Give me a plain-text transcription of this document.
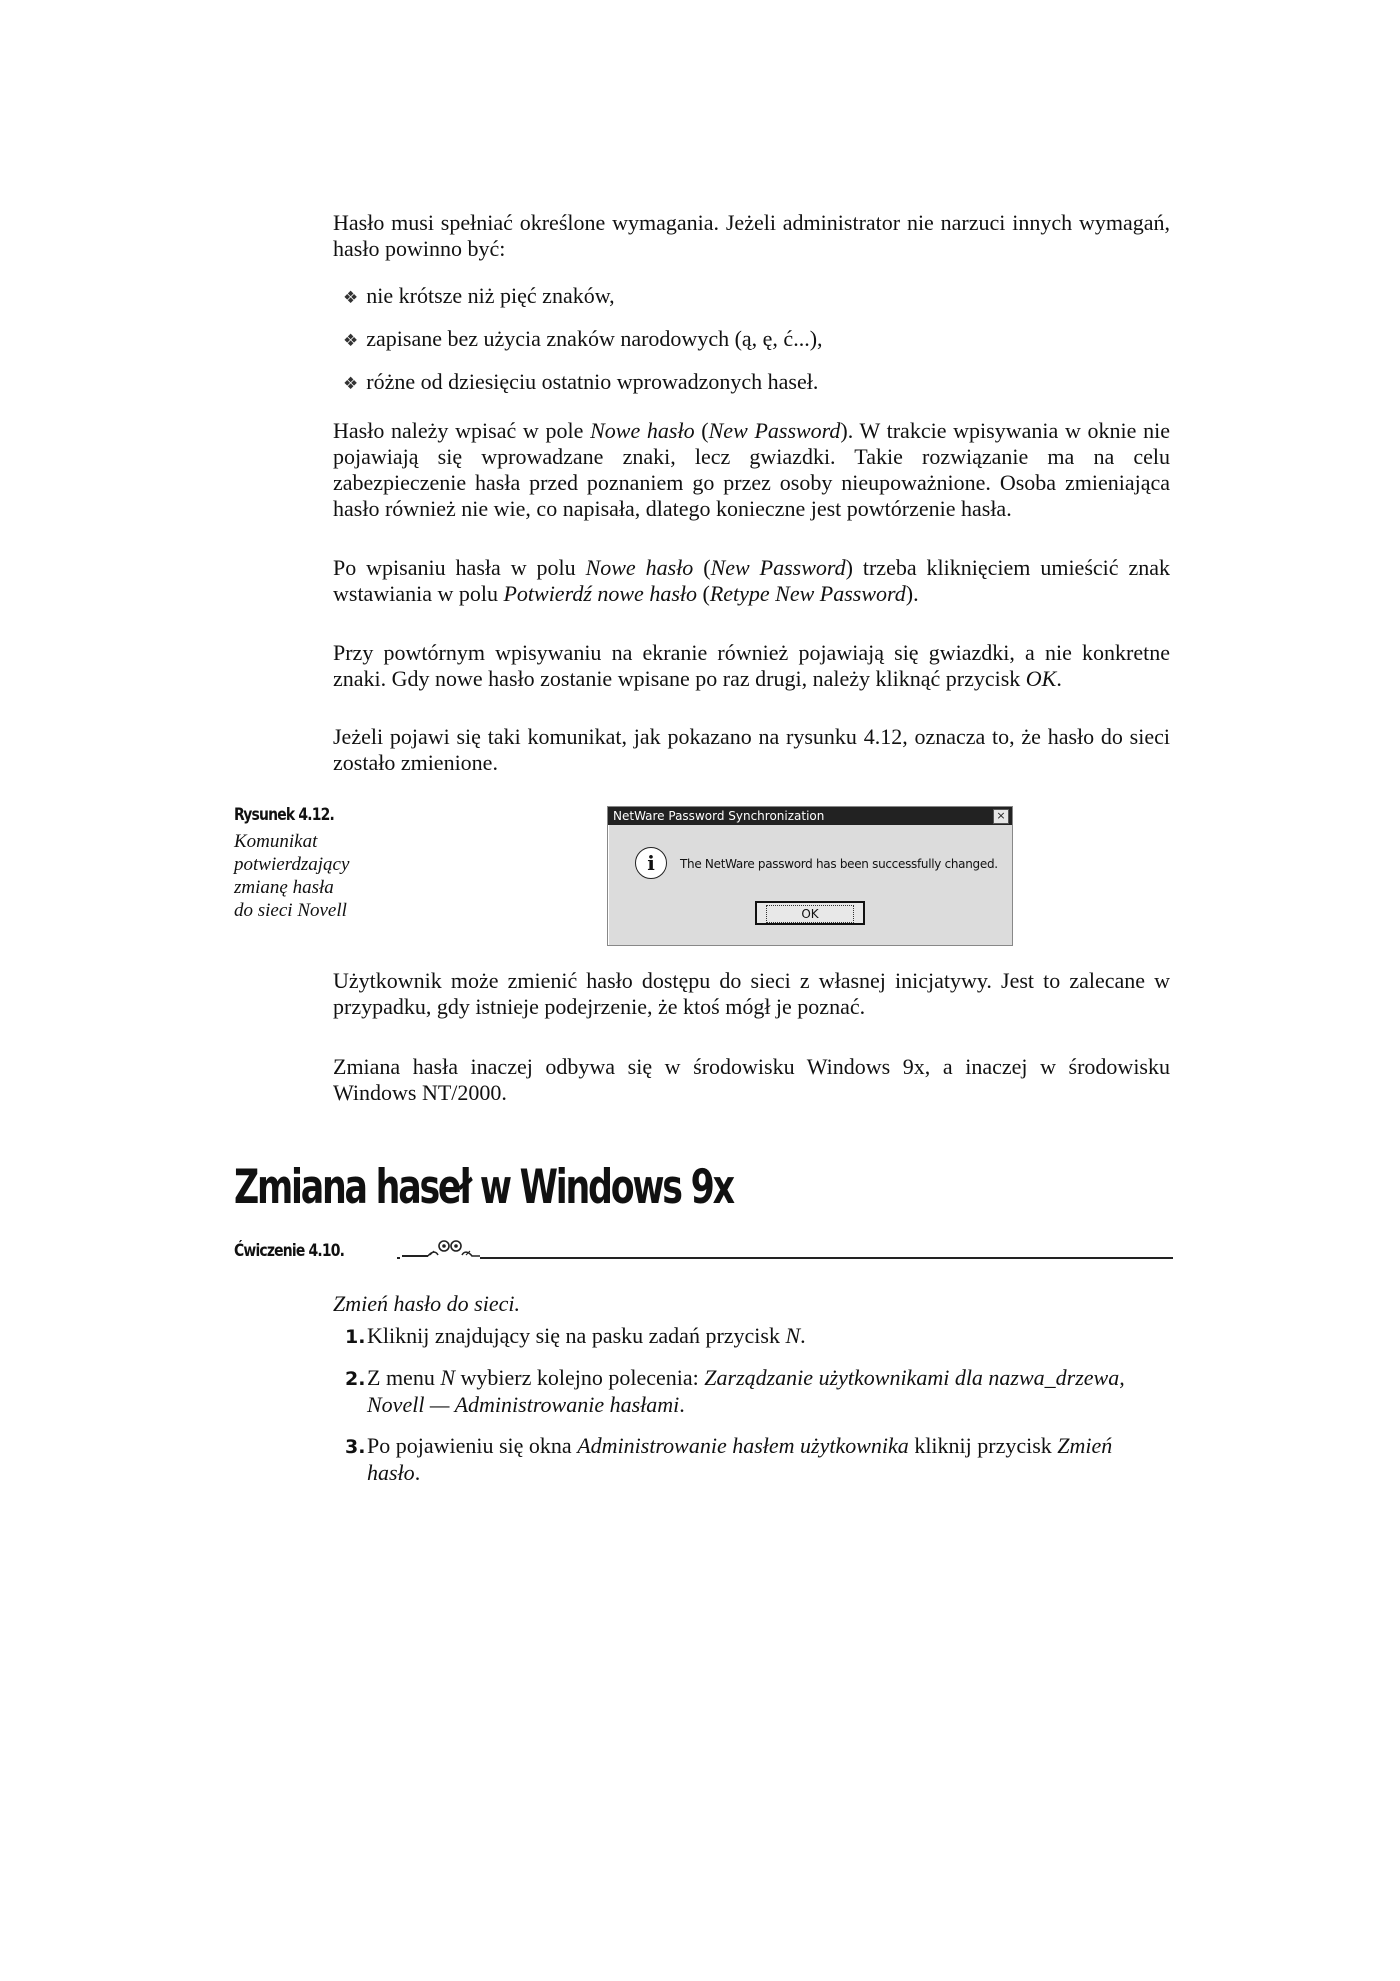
Hasło musi spełniać określone wymagania. Jeżeli administrator nie narzuci innych wymagań, hasło powinno być:

❖ nie krótsze niż pięć znaków,
❖ zapisane bez użycia znaków narodowych (ą, ę, ć...),
❖ różne od dziesięciu ostatnio wprowadzonych haseł.

Hasło należy wpisać w pole Nowe hasło (New Password). W trakcie wpisywania w oknie nie pojawiają się wprowadzane znaki, lecz gwiazdki. Takie rozwiązanie ma na celu zabezpieczenie hasła przed poznaniem go przez osoby nieupoważnione. Osoba zmieniająca hasło również nie wie, co napisała, dlatego konieczne jest powtórzenie hasła.

Po wpisaniu hasła w polu Nowe hasło (New Password) trzeba kliknięciem umieścić znak wstawiania w polu Potwierdź nowe hasło (Retype New Password).

Przy powtórnym wpisywaniu na ekranie również pojawiają się gwiazdki, a nie konkretne znaki. Gdy nowe hasło zostanie wpisane po raz drugi, należy kliknąć przycisk OK.

Jeżeli pojawi się taki komunikat, jak pokazano na rysunku 4.12, oznacza to, że hasło do sieci zostało zmienione.

Rysunek 4.12.
Komunikat
potwierdzający
zmianę hasła
do sieci Novell
NetWare Password Synchronization	×
i	The NetWare password has been successfully changed.
OK

Użytkownik może zmienić hasło dostępu do sieci z własnej inicjatywy. Jest to zalecane w przypadku, gdy istnieje podejrzenie, że ktoś mógł je poznać.

Zmiana hasła inaczej odbywa się w środowisku Windows 9x, a inaczej w środowisku Windows NT/2000.

Zmiana haseł w Windows 9x
Ćwiczenie 4.10.
Zmień hasło do sieci.
1.Kliknij znajdujący się na pasku zadań przycisk N.
2.Z menu N wybierz kolejno polecenia: Zarządzanie użytkownikami dla nazwa_drzewa, Novell — Administrowanie hasłami.
3.Po pojawieniu się okna Administrowanie hasłem użytkownika kliknij przycisk Zmień hasło.
